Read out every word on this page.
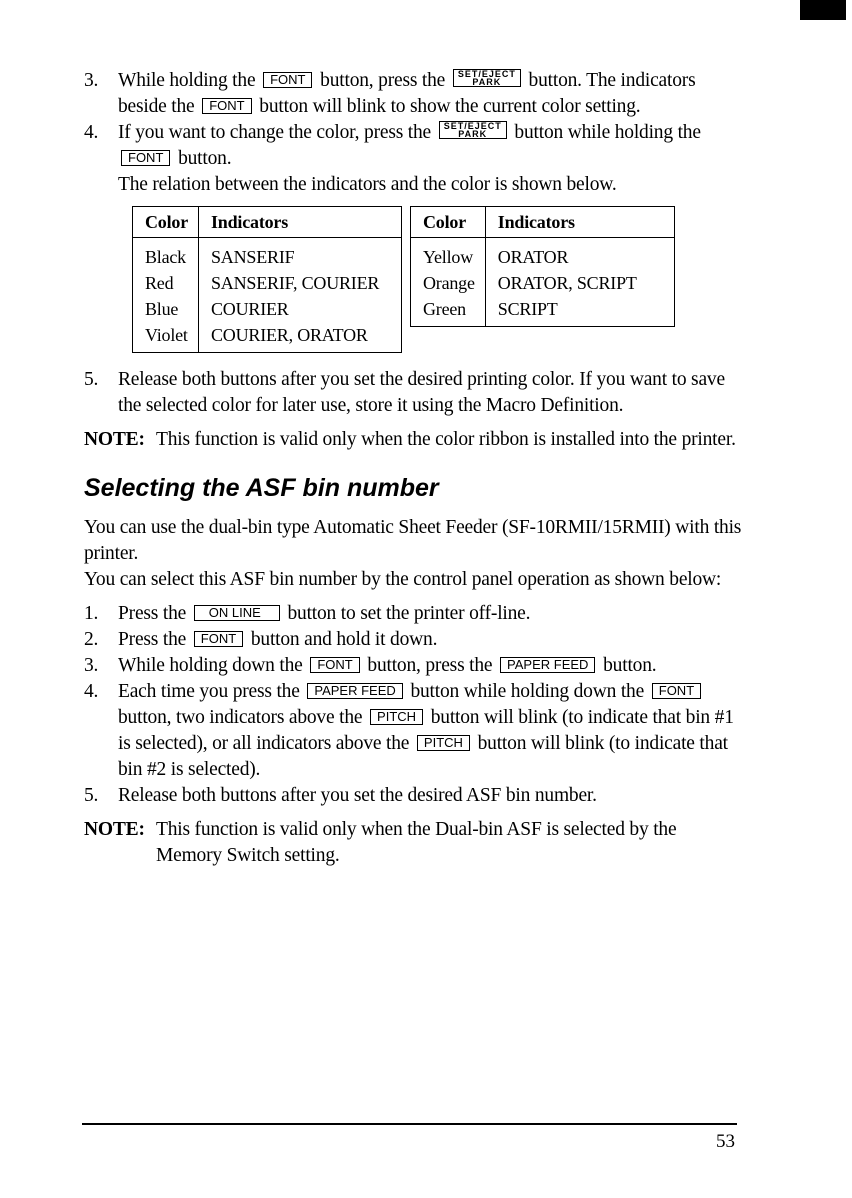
3. While holding the FONT button, press the SET/EJECT
PARK	button. The indicators beside the FONT button will blink to show the current color setting.
4. If you want to change the color, press the SET/EJECT
PARK	button while holding the FONT button.
The relation between the indicators and the color is shown below.
Color	Indicators
Black	SANSERIF
Red	SANSERIF, COURIER
Blue	COURIER
Violet	COURIER, ORATOR
Color	Indicators
Yellow	ORATOR
Orange	ORATOR, SCRIPT
Green	SCRIPT
5. Release both buttons after you set the desired printing color. If you want to save the selected color for later use, store it using the Macro Definition.
NOTE: This function is valid only when the color ribbon is installed into the printer.
Selecting the ASF bin number
You can use the dual-bin type Automatic Sheet Feeder (SF-10RMII/15RMII) with this printer.
You can select this ASF bin number by the control panel operation as shown below:
1. Press the ON LINE button to set the printer off-line.
2. Press the FONT button and hold it down.
3. While holding down the FONT button, press the PAPER FEED button.
4. Each time you press the PAPER FEED button while holding down the FONT button, two indicators above the PITCH button will blink (to indicate that bin #1 is selected), or all indicators above the PITCH button will blink (to indicate that bin #2 is selected).
5. Release both buttons after you set the desired ASF bin number.
NOTE: This function is valid only when the Dual-bin ASF is selected by the Memory Switch setting.
53
